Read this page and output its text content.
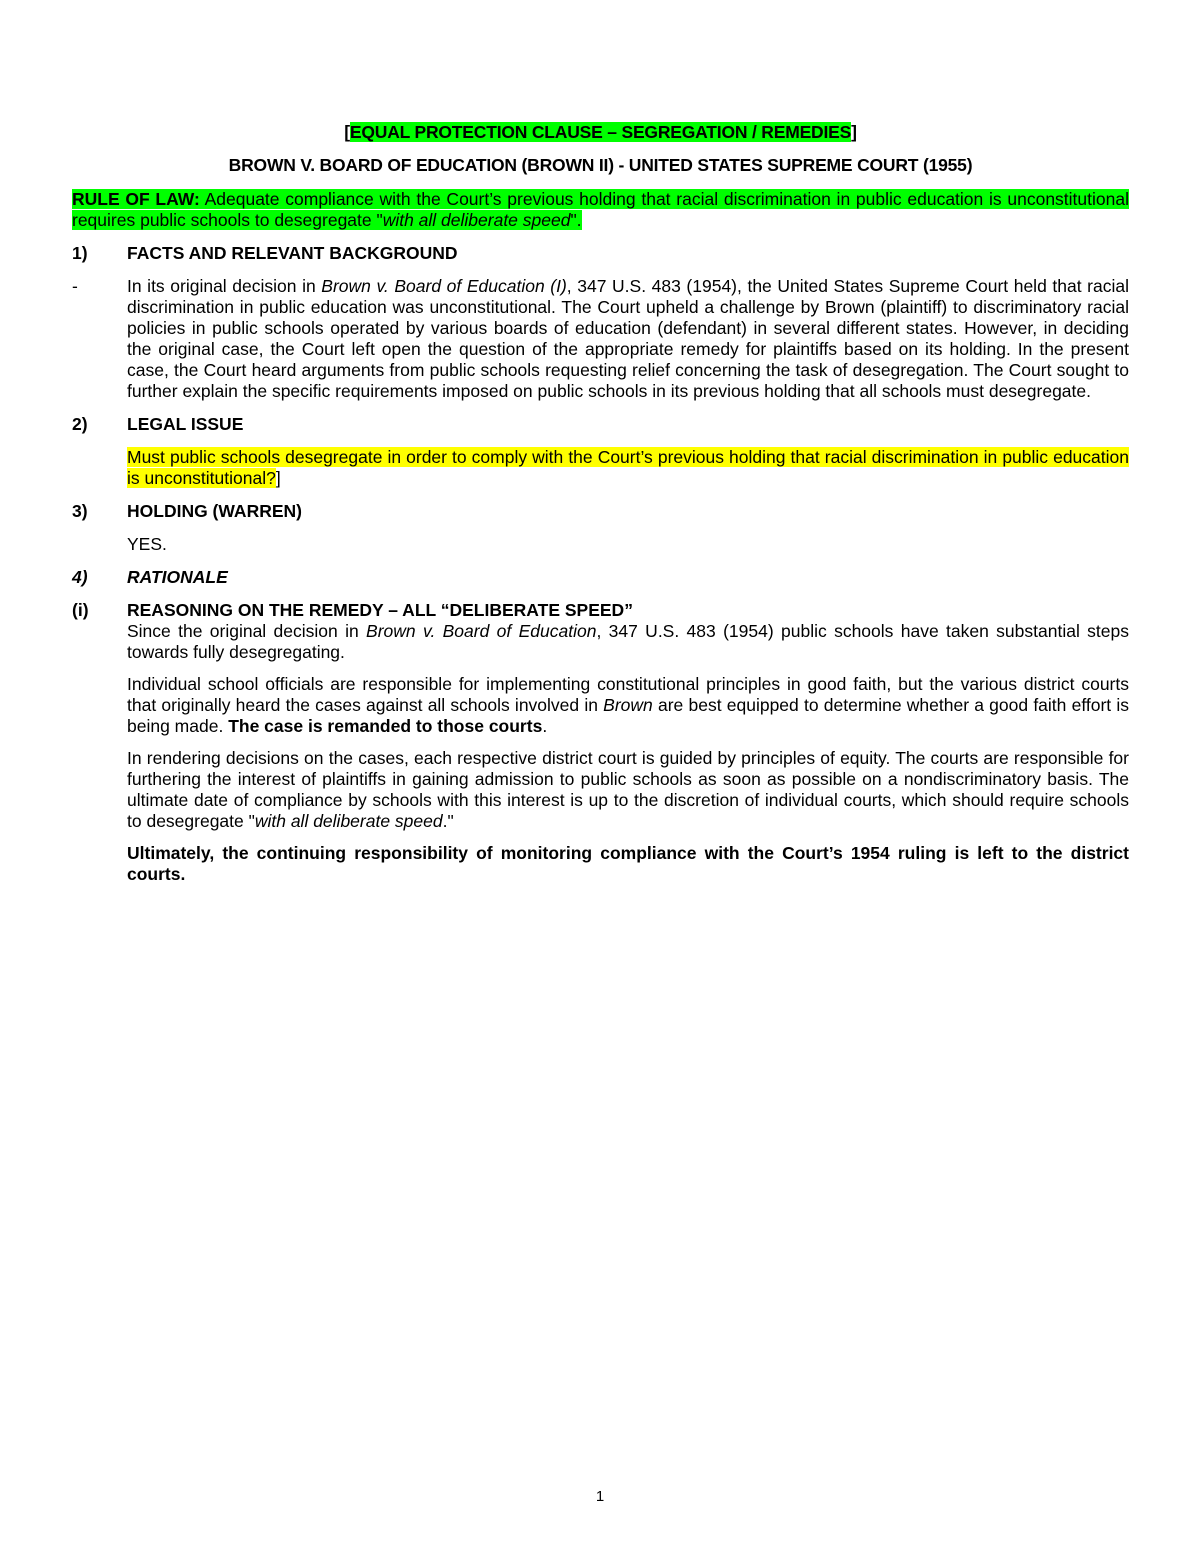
[EQUAL PROTECTION CLAUSE – SEGREGATION / REMEDIES]
BROWN V. BOARD OF EDUCATION (BROWN II) - UNITED STATES SUPREME COURT (1955)
RULE OF LAW: Adequate compliance with the Court’s previous holding that racial discrimination in public education is unconstitutional requires public schools to desegregate "with all deliberate speed".
1)	FACTS AND RELEVANT BACKGROUND
-	In its original decision in Brown v. Board of Education (I), 347 U.S. 483 (1954), the United States Supreme Court held that racial discrimination in public education was unconstitutional. The Court upheld a challenge by Brown (plaintiff) to discriminatory racial policies in public schools operated by various boards of education (defendant) in several different states. However, in deciding the original case, the Court left open the question of the appropriate remedy for plaintiffs based on its holding. In the present case, the Court heard arguments from public schools requesting relief concerning the task of desegregation. The Court sought to further explain the specific requirements imposed on public schools in its previous holding that all schools must desegregate.
2)	LEGAL ISSUE
Must public schools desegregate in order to comply with the Court’s previous holding that racial discrimination in public education is unconstitutional?]
3)	HOLDING (WARREN)
YES.
4)	RATIONALE
(i)	REASONING ON THE REMEDY – ALL “DELIBERATE SPEED”
Since the original decision in Brown v. Board of Education, 347 U.S. 483 (1954) public schools have taken substantial steps towards fully desegregating.
Individual school officials are responsible for implementing constitutional principles in good faith, but the various district courts that originally heard the cases against all schools involved in Brown are best equipped to determine whether a good faith effort is being made. The case is remanded to those courts.
In rendering decisions on the cases, each respective district court is guided by principles of equity. The courts are responsible for furthering the interest of plaintiffs in gaining admission to public schools as soon as possible on a nondiscriminatory basis. The ultimate date of compliance by schools with this interest is up to the discretion of individual courts, which should require schools to desegregate "with all deliberate speed."
Ultimately, the continuing responsibility of monitoring compliance with the Court’s 1954 ruling is left to the district courts.
1
